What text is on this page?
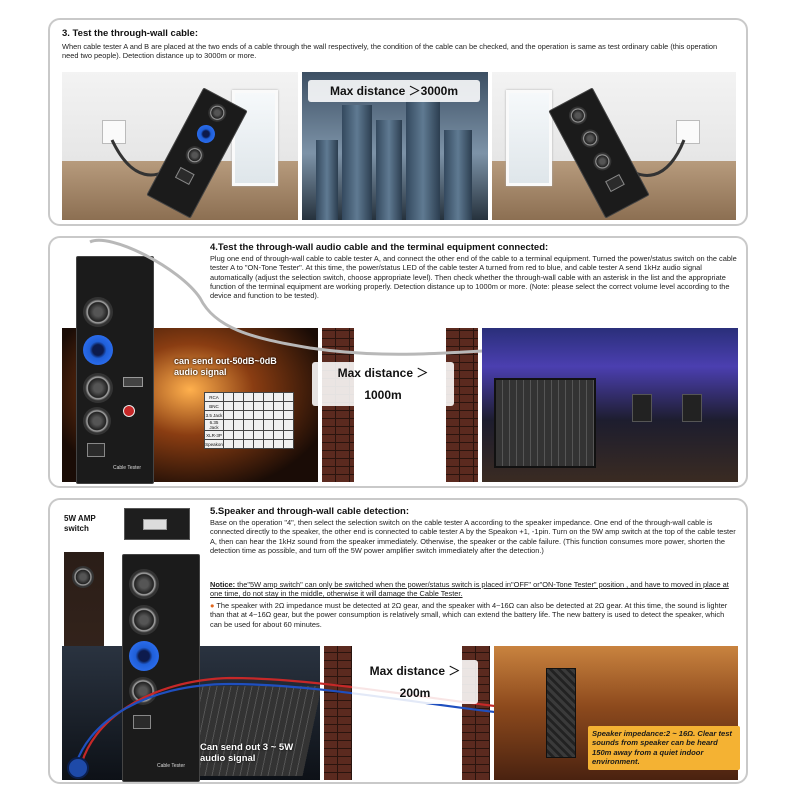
3. Test the through-wall cable:
When cable tester A and B are placed at the two ends of a cable through the wall respectively, the condition of the cable can be checked, and the operation is same as test ordinary cable (this operation need two people). Detection distance up to 3000m or more.
Max distance ＞3000m
4.Test the through-wall audio cable and the terminal equipment connected:
Plug one end of through-wall cable to cable tester A, and connect the other end of the cable to a terminal equipment. Turned the power/status switch on the cable tester A to "ON-Tone Tester". At this time, the power/status LED of the cable tester A turned from red to blue, and cable tester A send 1kHz audio signal automatically (adjust the selection switch, choose appropriate level). Then check whether the through-wall cable with an asterisk in the list and the appropriate function of the terminal equipment are working properly. Detection distance up to 1000m or more. (Note: please select the correct volume level according to the device and function to be tested).
can send out-50dB~0dB audio signal
RCA							
BNC							
3.5 Jack							
6.35 Jack							
XLR-3P							
Speakon							
Cable Tester
Max distance ＞1000m
5.Speaker and through-wall cable detection:
Base on the operation "4", then select the selection switch on the cable tester A according to the speaker impedance. One end of the through-wall cable is connected directly to the speaker, the other end is connected to cable tester A by the Speakon +1, -1pin. Turn on the 5W amp switch at the top of the cable tester A, then can hear the 1kHz sound from the speaker immediately. Otherwise, the speaker or the cable failure. (This function consumes more power, shorten the detection time as possible, and turn off the 5W power amplifier switch immediately after the detection.)
Notice: the"5W amp switch" can only be switched when the power/status switch is placed in"OFF" or"ON-Tone Tester" position , and have to moved in place at one time, do not stay in the middle, otherwise it will damage the Cable Tester.
● The speaker with 2Ω impedance must be detected at 2Ω gear, and the speaker with 4~16Ω can also be detected at 2Ω gear. At this time, the sound is lighter than that at 4~16Ω gear, but the power consumption is relatively small, which can extend the battery life. The new battery is used to detect the speaker, which can be used for about 60 minutes.
5W AMP switch
Can send out 3 ~ 5W audio signal
Cable Tester
Max distance ＞200m
Speaker impedance:2 ~ 16Ω. Clear test sounds from speaker can be heard 150m away from a quiet indoor environment.
